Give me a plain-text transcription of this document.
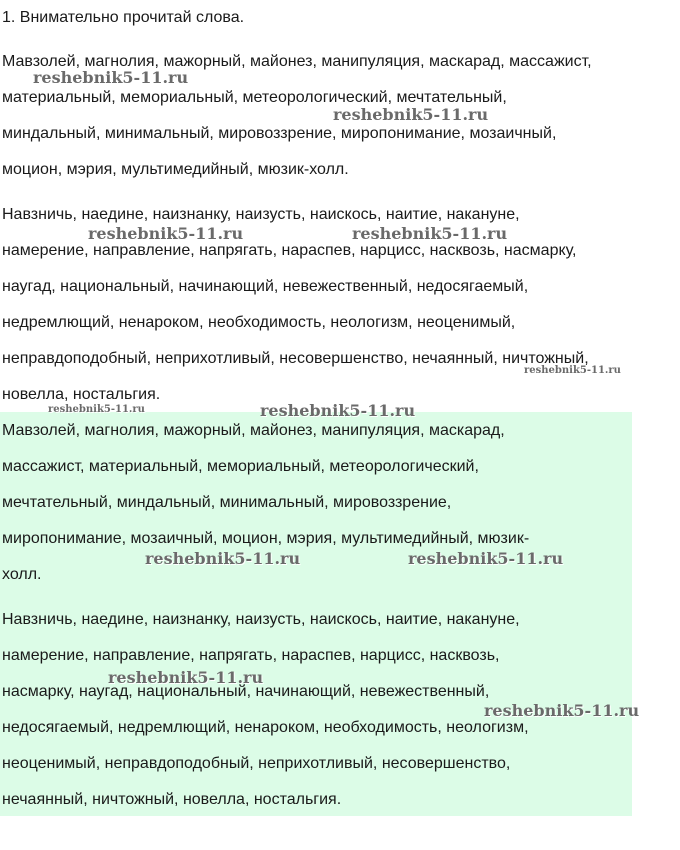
1. Внимательно прочитай слова.
Мавзолей, магнолия, мажорный, майонез, манипуляция, маскарад, массажист,
материальный, мемориальный, метеорологический, мечтательный,
миндальный, минимальный, мировоззрение, миропонимание, мозаичный,
моцион, мэрия, мультимедийный, мюзик-холл.
Навзничь, наедине, наизнанку, наизусть, наискось, наитие, накануне,
намерение, направление, напрягать, нараспев, нарцисс, насквозь, насмарку,
наугад, национальный, начинающий, невежественный, недосягаемый,
недремлющий, ненароком, необходимость, неологизм, неоценимый,
неправдоподобный, неприхотливый, несовершенство, нечаянный, ничтожный,
новелла, ностальгия.
Мавзолей, магнолия, мажорный, майонез, манипуляция, маскарад,
массажист, материальный, мемориальный, метеорологический,
мечтательный, миндальный, минимальный, мировоззрение,
миропонимание, мозаичный, моцион, мэрия, мультимедийный, мюзик-
холл.
Навзничь, наедине, наизнанку, наизусть, наискось, наитие, накануне,
намерение, направление, напрягать, нараспев, нарцисс, насквозь,
насмарку, наугад, национальный, начинающий, невежественный,
недосягаемый, недремлющий, ненароком, необходимость, неологизм,
неоценимый, неправдоподобный, неприхотливый, несовершенство,
нечаянный, ничтожный, новелла, ностальгия.
reshebnik5-11.ru
reshebnik5-11.ru
reshebnik5-11.ru	reshebnik5-11.ru
reshebnik5-11.ru
reshebnik5-11.ru	reshebnik5-11.ru
reshebnik5-11.ru	reshebnik5-11.ru
reshebnik5-11.ru
reshebnik5-11.ru
